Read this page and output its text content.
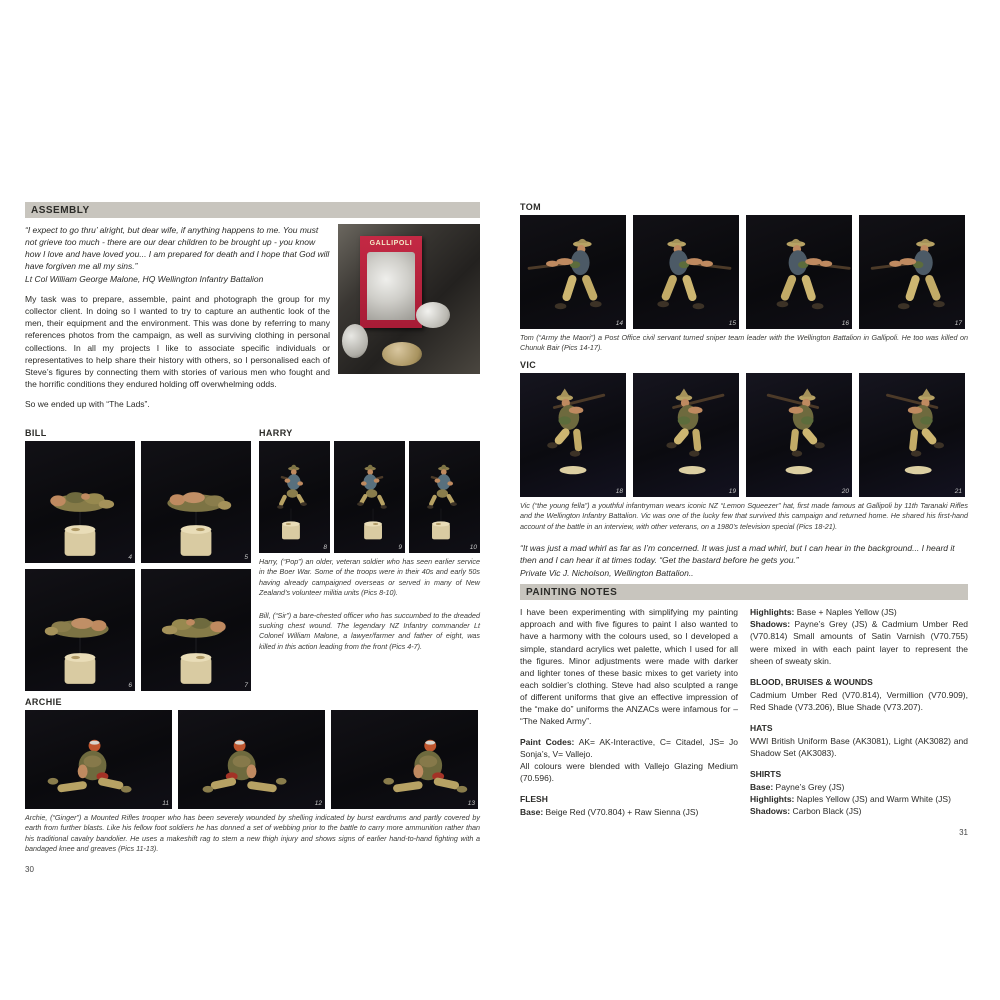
ASSEMBLY

“I expect to go thru’ alright, but dear wife, if anything happens to me. You must not grieve too much - there are our dear children to be brought up - you know how I love and have loved you... I am prepared for death and I hope that God will have forgiven me all my sins.”

Lt Col William George Malone, HQ Wellington Infantry Battalion

My task was to prepare, assemble, paint and photograph the group for my collector client. In doing so I wanted to try to capture an authentic look of the men, their equipment and the environment. This was done by referring to many references photos from the campaign, as well as surviving clothing in personal collections. In all my projects I like to associate specific individuals or representatives to help share their history with others, so I personalised each of Steve’s figures by connecting them with stories of various men who fought and the horrific conditions they endured holding off overwhelming odds.

So we ended up with “The Lads”.

GALLIPOLI
BILL
4	5
6	7
HARRY
8	9	10

Harry, (“Pop”) an older, veteran soldier who has seen earlier service in the Boer War. Some of the troops were in their 40s and early 50s having already campaigned overseas or served in many of New Zealand’s volunteer militia units (Pics 8-10).

Bill, (“Sir”) a bare-chested officer who has succumbed to the dreaded sucking chest wound. The legendary NZ Infantry commander Lt Colonel William Malone, a lawyer/farmer and father of eight, was killed in this action leading from the front (Pics 4-7).

ARCHIE
11	12	13

Archie, (“Ginger”) a Mounted Rifles trooper who has been severely wounded by shelling indicated by burst eardrums and partly covered by earth from further blasts. Like his fellow foot soldiers he has donned a set of webbing prior to the battle to carry more ammunition rather than his traditional cavalry bandolier. He uses a makeshift rag to stem a new thigh injury and shows signs of earlier hand-to-hand fighting with a bandaged knee and greaves (Pics 11-13).

30
TOM
14	15	16	17

Tom (“Army the Maori”) a Post Office civil servant turned sniper team leader with the Wellington Battalion in Gallipoli. He too was killed on Chunuk Bair (Pics 14-17).

VIC
18	19	20	21

Vic (“the young fella”) a youthful infantryman wears iconic NZ “Lemon Squeezer” hat, first made famous at Gallipoli by 11th Taranaki Rifles and the Wellington Infantry Battalion. Vic was one of the lucky few that survived this campaign and returned home. He shared his first-hand account of the battle in an interview, with other veterans, on a 1980’s television special (Pics 18-21).

“It was just a mad whirl as far as I’m concerned. It was just a mad whirl, but I can hear in the background... I heard it then and I can hear it at times today. “Get the bastard before he gets you.”

Private Vic J. Nicholson, Wellington Battalion..

PAINTING NOTES

I have been experimenting with simplifying my painting approach and with five figures to paint I also wanted to have a harmony with the colours used, so I developed a simple, standard acrylics wet palette, which I used for all the figures. Minor adjustments were made with darker and lighter tones of these basic mixes to get variety into each soldier’s clothing. Steve had also sculpted a range of different uniforms that give an effective impression of the “make do” uniforms the ANZACs were infamous for – “The Naked Army”.

Paint Codes: AK= AK-Interactive, C= Citadel, JS= Jo Sonja’s, V= Vallejo.

All colours were blended with Vallejo Glazing Medium (70.596).

FLESH

Base: Beige Red (V70.804) + Raw Sienna (JS)

Highlights: Base + Naples Yellow (JS)

Shadows: Payne’s Grey (JS) & Cadmium Umber Red (V70.814) Small amounts of Satin Varnish (V70.755) were mixed in with each paint layer to represent the sheen of sweaty skin.

BLOOD, BRUISES & WOUNDS

Cadmium Umber Red (V70.814), Vermillion (V70.909), Red Shade (V73.206), Blue Shade (V73.207).

HATS

WWI British Uniform Base (AK3081), Light (AK3082) and Shadow Set (AK3083).

SHIRTS

Base: Payne’s Grey (JS)

Highlights: Naples Yellow (JS) and Warm White (JS)

Shadows: Carbon Black (JS)

31
